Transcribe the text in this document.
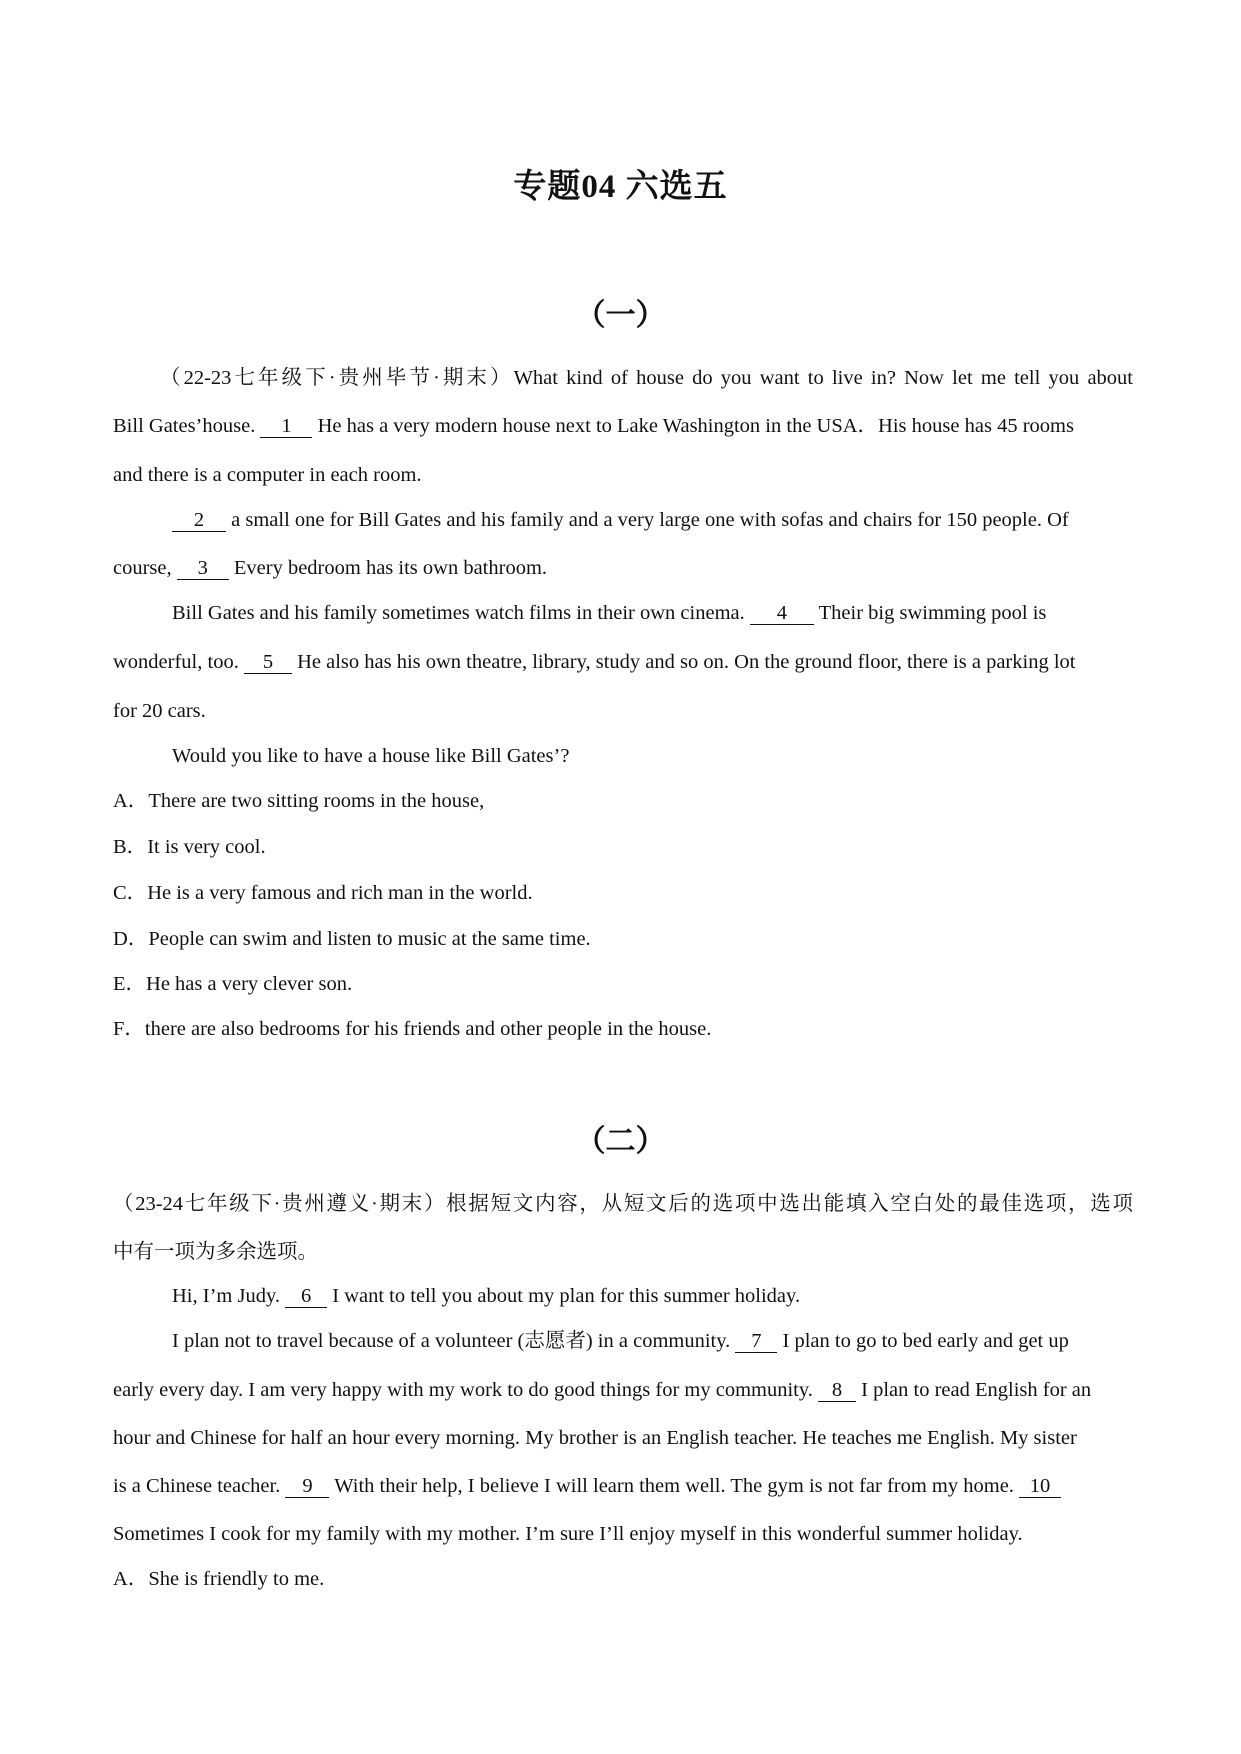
专题04 六选五
（一）
（22-23七年级下·贵州毕节·期末）What kind of house do you want to live in? Now let me tell you about
Bill Gates’house. 1 He has a very modern house next to Lake Washington in the USA．His house has 45 rooms
and there is a computer in each room.
2 a small one for Bill Gates and his family and a very large one with sofas and chairs for 150 people. Of
course, 3 Every bedroom has its own bathroom.
Bill Gates and his family sometimes watch films in their own cinema. 4 Their big swimming pool is
wonderful, too. 5 He also has his own theatre, library, study and so on. On the ground floor, there is a parking lot
for 20 cars.
Would you like to have a house like Bill Gates’?
A．There are two sitting rooms in the house,
B．It is very cool.
C．He is a very famous and rich man in the world.
D．People can swim and listen to music at the same time.
E．He has a very clever son.
F．there are also bedrooms for his friends and other people in the house.
（二）
（23-24七年级下·贵州遵义·期末）根据短文内容，从短文后的选项中选出能填入空白处的最佳选项，选项
中有一项为多余选项。
Hi, I’m Judy. 6 I want to tell you about my plan for this summer holiday.
I plan not to travel because of a volunteer (志愿者) in a community. 7 I plan to go to bed early and get up
early every day. I am very happy with my work to do good things for my community. 8 I plan to read English for an
hour and Chinese for half an hour every morning. My brother is an English teacher. He teaches me English. My sister
is a Chinese teacher. 9 With their help, I believe I will learn them well. The gym is not far from my home. 10
Sometimes I cook for my family with my mother. I’m sure I’ll enjoy myself in this wonderful summer holiday.
A．She is friendly to me.
